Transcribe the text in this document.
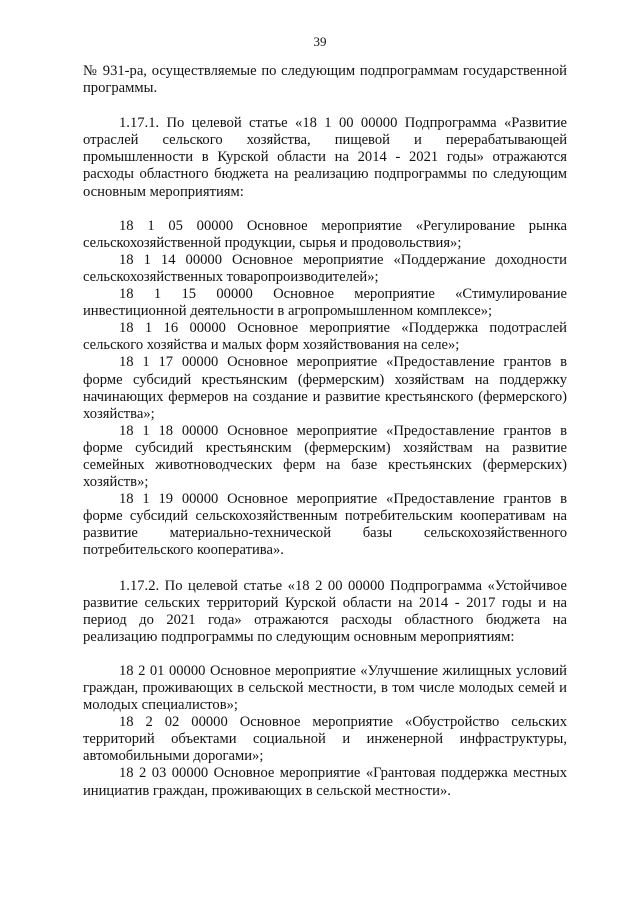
39

№ 931-ра, осуществляемые по следующим подпрограммам государственной программы.

1.17.1. По целевой статье «18 1 00 00000 Подпрограмма «Развитие отраслей сельского хозяйства, пищевой и перерабатывающей промышленности в Курской области на 2014 - 2021 годы» отражаются расходы областного бюджета на реализацию подпрограммы по следующим основным мероприятиям:

18 1 05 00000 Основное мероприятие «Регулирование рынка сельскохозяйственной продукции, сырья и продовольствия»;

18 1 14 00000 Основное мероприятие «Поддержание доходности сельскохозяйственных товаропроизводителей»;

18 1 15 00000 Основное мероприятие «Стимулирование инвестиционной деятельности в агропромышленном комплексе»;

18 1 16 00000 Основное мероприятие «Поддержка подотраслей сельского хозяйства и малых форм хозяйствования на селе»;

18 1 17 00000 Основное мероприятие «Предоставление грантов в форме субсидий крестьянским (фермерским) хозяйствам на поддержку начинающих фермеров на создание и развитие крестьянского (фермерского) хозяйства»;

18 1 18 00000 Основное мероприятие «Предоставление грантов в форме субсидий крестьянским (фермерским) хозяйствам на развитие семейных животноводческих ферм на базе крестьянских (фермерских) хозяйств»;

18 1 19 00000 Основное мероприятие «Предоставление грантов в форме субсидий сельскохозяйственным потребительским кооперативам на развитие материально-технической базы сельскохозяйственного потребительского кооператива».

1.17.2. По целевой статье «18 2 00 00000 Подпрограмма «Устойчивое развитие сельских территорий Курской области на 2014 - 2017 годы и на период до 2021 года» отражаются расходы областного бюджета на реализацию подпрограммы по следующим основным мероприятиям:

18 2 01 00000 Основное мероприятие «Улучшение жилищных условий граждан, проживающих в сельской местности, в том числе молодых семей и молодых специалистов»;

18 2 02 00000 Основное мероприятие «Обустройство сельских территорий объектами социальной и инженерной инфраструктуры, автомобильными дорогами»;

18 2 03 00000 Основное мероприятие «Грантовая поддержка местных инициатив граждан, проживающих в сельской местности».
